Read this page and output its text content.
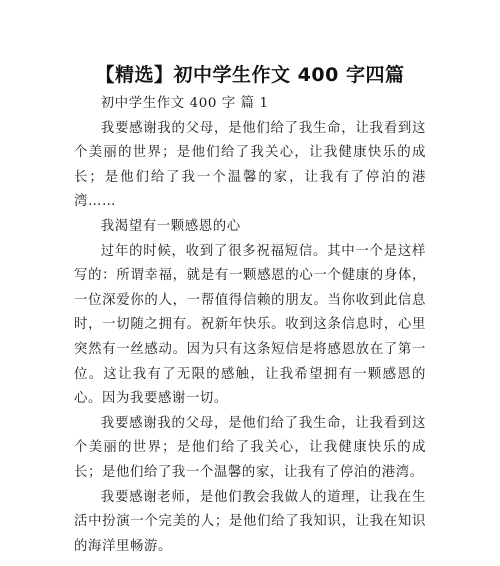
【精选】初中学生作文 400 字四篇

初中学生作文 400 字 篇 1

我要感谢我的父母，是他们给了我生命，让我看到这个美丽的世界；是他们给了我关心，让我健康快乐的成长；是他们给了我一个温馨的家，让我有了停泊的港湾……

我渴望有一颗感恩的心

过年的时候，收到了很多祝福短信。其中一个是这样写的：所谓幸福，就是有一颗感恩的心一个健康的身体，一位深爱你的人，一帮值得信赖的朋友。当你收到此信息时，一切随之拥有。祝新年快乐。收到这条信息时，心里突然有一丝感动。因为只有这条短信是将感恩放在了第一位。这让我有了无限的感触，让我希望拥有一颗感恩的心。因为我要感谢一切。

我要感谢我的父母，是他们给了我生命，让我看到这个美丽的世界；是他们给了我关心，让我健康快乐的成长；是他们给了我一个温馨的家，让我有了停泊的港湾。

我要感谢老师，是他们教会我做人的道理，让我在生活中扮演一个完美的人；是他们给了我知识，让我在知识的海洋里畅游。
